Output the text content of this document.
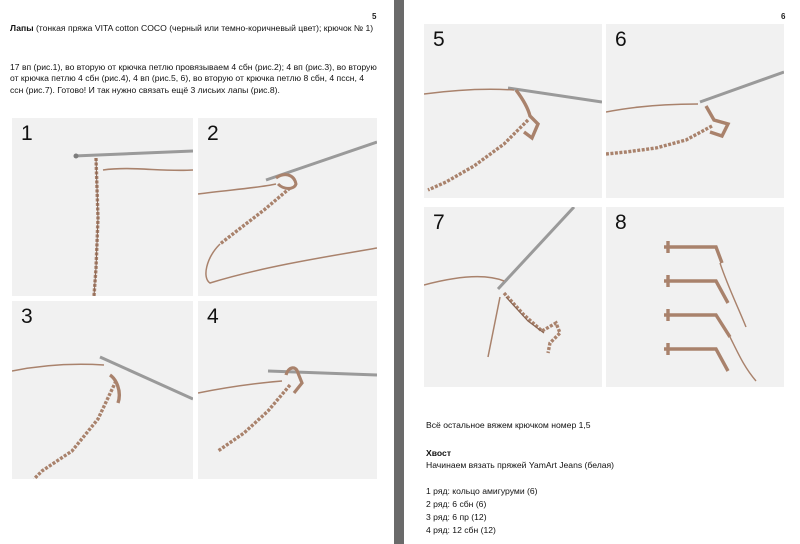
5

Лапы (тонкая пряжа VITA cotton COCO (черный или темно-коричневый цвет); крючок № 1)

17 вп (рис.1), во вторую от крючка петлю провязываем 4 сбн (рис.2); 4 вп (рис.3), во вторую от крючка петлю 4 сбн (рис.4), 4 вп (рис.5, 6), во вторую от крючка петлю 8 сбн, 4 пссн, 4 ссн (рис.7). Готово! И так нужно связать ещё 3 лисьих лапы (рис.8).

1	2
3	4
6
5	6
7	8

Всё остальное вяжем крючком номер 1,5

Хвост

Начинаем вязать пряжей YamArt Jeans (белая)

1 ряд: кольцо амигуруми (6)

2 ряд: 6 сбн (6)

3 ряд: 6 пр (12)

4 ряд: 12 сбн (12)

PassionForum.ru
